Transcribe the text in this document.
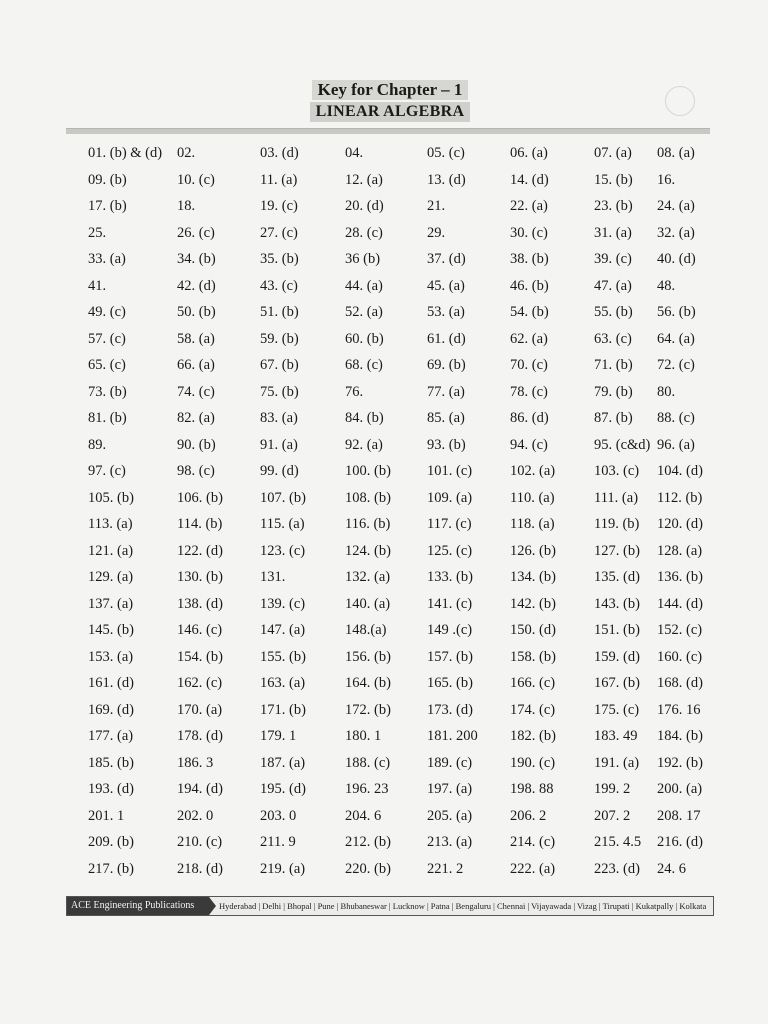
Key for Chapter – 1
LINEAR ALGEBRA
01. (b) & (d) 02.	03. (d)	04.	05. (c)	06. (a)	07. (a) 08. (a)
09. (b)	10. (c)	11. (a)	12. (a)	13. (d)	14. (d)	15. (b) 16.
17. (b)	18.	19. (c)	20. (d)	21.	22. (a)	23. (b) 24. (a)
25.	26. (c)	27. (c)	28. (c)	29.	30. (c)	31. (a) 32. (a)
33. (a)	34. (b)	35. (b)	36 (b)	37. (d)	38. (b)	39. (c) 40. (d)
41.	42. (d)	43. (c)	44. (a)	45. (a)	46. (b)	47. (a) 48.
49. (c)	50. (b)	51. (b)	52. (a)	53. (a)	54. (b)	55. (b) 56. (b)
57. (c)	58. (a)	59. (b)	60. (b)	61. (d)	62. (a)	63. (c) 64. (a)
65. (c)	66. (a)	67. (b)	68. (c)	69. (b)	70. (c)	71. (b) 72. (c)
73. (b)	74. (c)	75. (b)	76.	77. (a)	78. (c)	79. (b) 80.
81. (b)	82. (a)	83. (a)	84. (b)	85. (a)	86. (d)	87. (b) 88. (c)
89.	90. (b)	91. (a)	92. (a)	93. (b)	94. (c)	95. (c&d) 96. (a)
97. (c)	98. (c)	99. (d)	100. (b) 101. (c)	102. (a)	103. (c) 104. (d)
105. (b)	106. (b)	107. (b)	108. (b) 109. (a)	110. (a)	111. (a) 112. (b)
113. (a)	114. (b)	115. (a)	116. (b)	117. (c)	118. (a)	119. (b) 120. (d)
121. (a)	122. (d)	123. (c)	124. (b) 125. (c)	126. (b)	127. (b) 128. (a)
129. (a)	130. (b)	131.	132. (a)	133. (b)	134. (b)	135. (d) 136. (b)
137. (a)	138. (d)	139. (c)	140. (a)	141. (c)	142. (b)	143. (b) 144. (d)
145. (b)	146. (c)	147. (a)	148.(a)	149 .(c)	150. (d)	151. (b) 152. (c)
153. (a)	154. (b)	155. (b)	156. (b) 157. (b)	158. (b)	159. (d) 160. (c)
161. (d)	162. (c)	163. (a)	164. (b) 165. (b)	166. (c)	167. (b) 168. (d)
169. (d)	170. (a)	171. (b)	172. (b) 173. (d)	174. (c)	175. (c) 176. 16
177. (a)	178. (d)	179. 1	180. 1	181. 200 182. (b)	183. 49 184. (b)
185. (b)	186. 3	187. (a)	188. (c)	189. (c)	190. (c)	191. (a) 192. (b)
193. (d)	194. (d)	195. (d)	196. 23	197. (a)	198. 88	199. 2 200. (a)
201. 1	202. 0	203. 0	204. 6	205. (a)	206. 2	207. 2 208. 17
209. (b)	210. (c)	211. 9	212. (b) 213. (a)	214. (c)	215. 4.5 216. (d)
217. (b)	218. (d)	219. (a)	220. (b) 221. 2	222. (a)	223. (d) 24. 6
ACE Engineering Publications	Hyderabad | Delhi | Bhopal | Pune | Bhubaneswar | Lucknow | Patna | Bengaluru | Chennai | Vijayawada | Vizag | Tirupati | Kukatpally | Kolkata
